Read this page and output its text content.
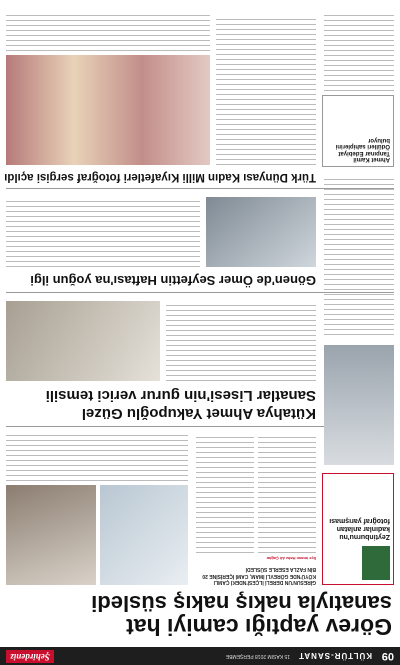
09
KÜLTÜR-SANAT
15 KASIM 2018 PERŞEMBE
Şehirdeniz
Görev yaptığı camiyi hat
sanatıyla nakış nakış süsledi
Zeytinburnu'nu
kadınlar anlatan
fotoğraf yarışması
GİRESUN'UN DERELİ İLÇESİ'NDEKİ ÇAMLI KÖYÜ'NDE GÖREVLİ İMAM, CAMİ İÇERİSİNE 20 BİN FAZLA ESERLE SÜSLEDİ
İlçe imamı Hafız Ali Çağlar
Kütahya Ahmet Yakupoğlu Güzel
Sanatlar Lisesi'nin gurur verici temsili
Gönen'de Ömer Seyfettin Haftası'na yoğun ilgi
Türk Dünyası Kadın Milli Kıyafetleri fotoğraf sergisi açıldı
Ahmet Kamil Tanpınar Edebiyat Ödülleri sahiplerini buluyor
